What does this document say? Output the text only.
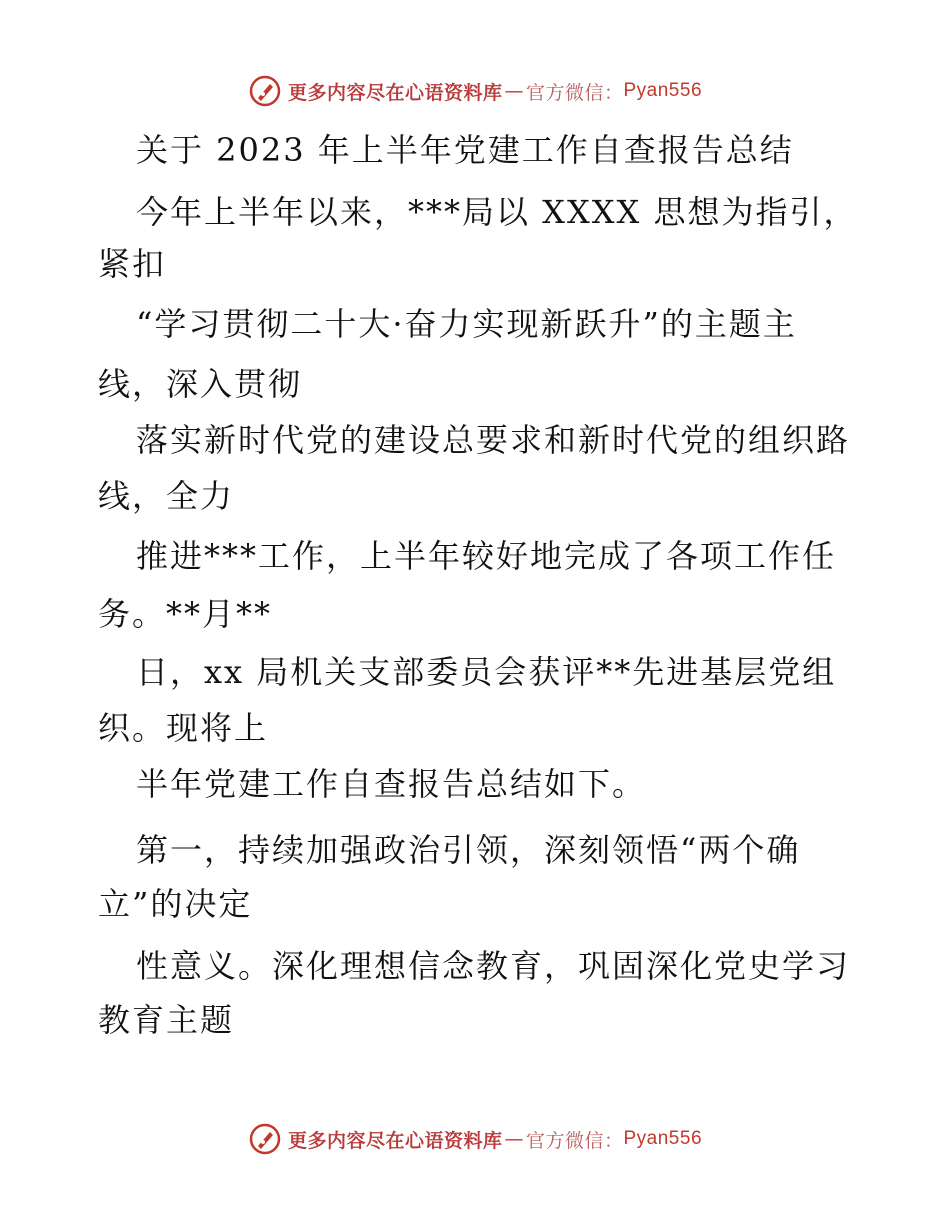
更多内容尽在心语资料库 — 官方微信： Pyan556
关于 2023 年上半年党建工作自查报告总结
今年上半年以来，***局以 XXXX 思想为指引，
紧扣
“学习贯彻二十大·奋力实现新跃升”的主题主
线，深入贯彻
落实新时代党的建设总要求和新时代党的组织路
线，全力
推进***工作，上半年较好地完成了各项工作任
务。**月**
日，xx 局机关支部委员会获评**先进基层党组
织。现将上
半年党建工作自查报告总结如下。
第一，持续加强政治引领，深刻领悟“两个确
立”的决定
性意义。深化理想信念教育，巩固深化党史学习
教育主题
更多内容尽在心语资料库 — 官方微信： Pyan556
